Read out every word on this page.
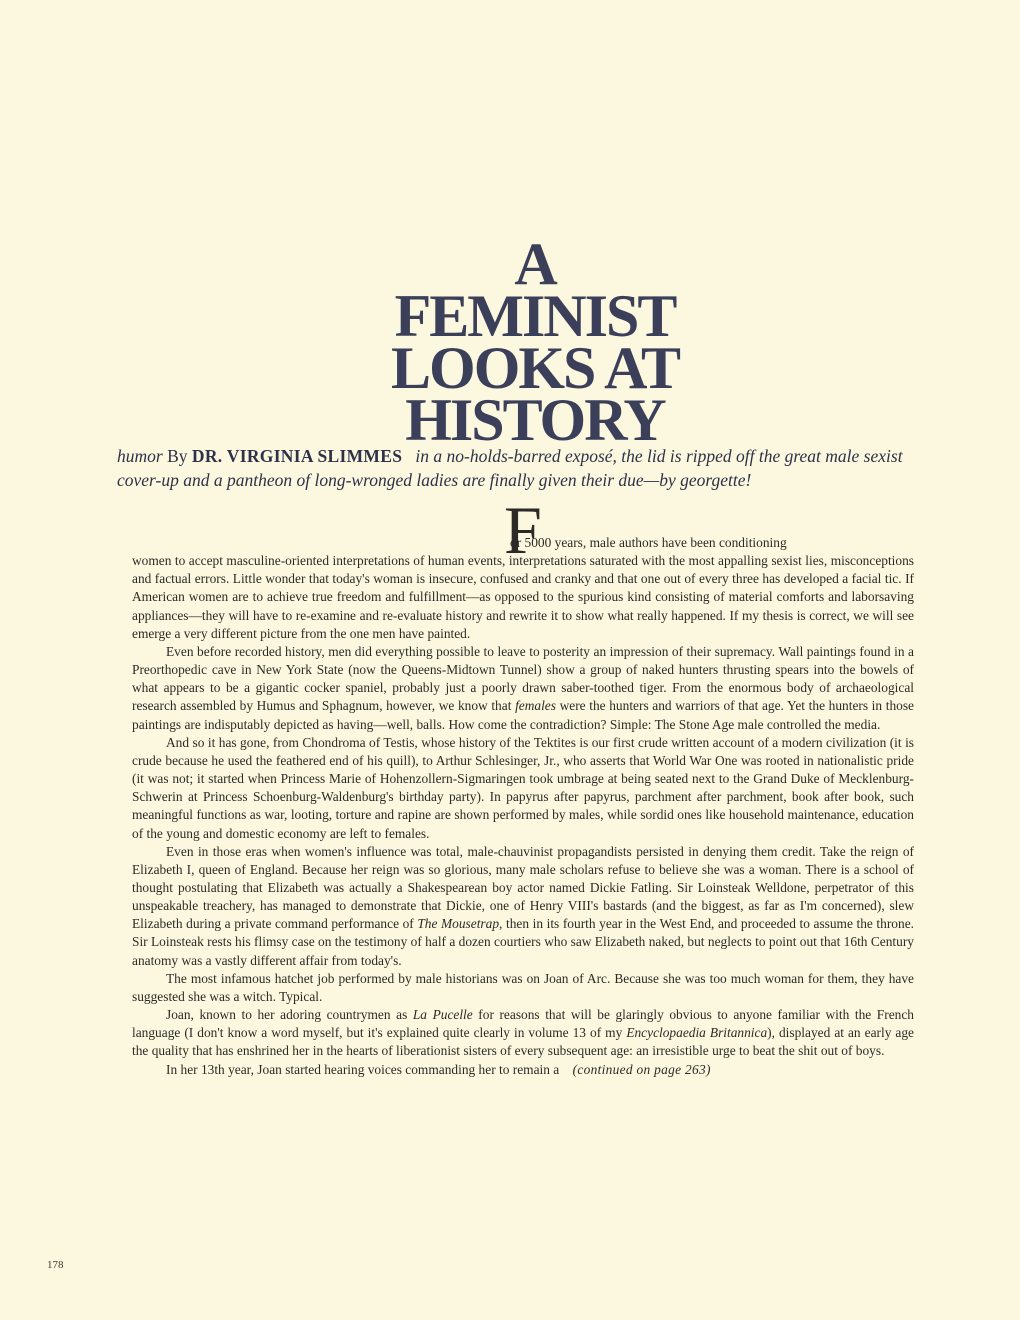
A
FEMINIST
LOOKS AT
HISTORY

humor By DR. VIRGINIA SLIMMES in a no-holds-barred exposé, the lid is ripped off the great male sexist cover-up and a pantheon of long-wronged ladies are finally given their due—by georgette!

F

or 5000 years, male authors have been conditioning
women to accept masculine-oriented interpretations of human events, interpretations saturated with the most appalling sexist lies, misconceptions and factual errors. Little wonder that today's woman is insecure, confused and cranky and that one out of every three has developed a facial tic. If American women are to achieve true freedom and fulfillment—as opposed to the spurious kind consisting of material comforts and laborsaving appliances—they will have to re-examine and re-evaluate history and rewrite it to show what really happened. If my thesis is correct, we will see emerge a very different picture from the one men have painted.

Even before recorded history, men did everything possible to leave to posterity an impression of their supremacy. Wall paintings found in a Preorthopedic cave in New York State (now the Queens-Midtown Tunnel) show a group of naked hunters thrusting spears into the bowels of what appears to be a gigantic cocker spaniel, probably just a poorly drawn saber-toothed tiger. From the enormous body of archaeological research assembled by Humus and Sphagnum, however, we know that females were the hunters and warriors of that age. Yet the hunters in those paintings are indisputably depicted as having—well, balls. How come the contradiction? Simple: The Stone Age male controlled the media.

And so it has gone, from Chondroma of Testis, whose history of the Tektites is our first crude written account of a modern civilization (it is crude because he used the feathered end of his quill), to Arthur Schlesinger, Jr., who asserts that World War One was rooted in nationalistic pride (it was not; it started when Princess Marie of Hohenzollern-Sigmaringen took umbrage at being seated next to the Grand Duke of Mecklenburg-Schwerin at Princess Schoenburg-Waldenburg's birthday party). In papyrus after papyrus, parchment after parchment, book after book, such meaningful functions as war, looting, torture and rapine are shown performed by males, while sordid ones like household maintenance, education of the young and domestic economy are left to females.

Even in those eras when women's influence was total, male-chauvinist propagandists persisted in denying them credit. Take the reign of Elizabeth I, queen of England. Because her reign was so glorious, many male scholars refuse to believe she was a woman. There is a school of thought postulating that Elizabeth was actually a Shakespearean boy actor named Dickie Fatling. Sir Loinsteak Welldone, perpetrator of this unspeakable treachery, has managed to demonstrate that Dickie, one of Henry VIII's bastards (and the biggest, as far as I'm concerned), slew Elizabeth during a private command performance of The Mousetrap, then in its fourth year in the West End, and proceeded to assume the throne. Sir Loinsteak rests his flimsy case on the testimony of half a dozen courtiers who saw Elizabeth naked, but neglects to point out that 16th Century anatomy was a vastly different affair from today's.

The most infamous hatchet job performed by male historians was on Joan of Arc. Because she was too much woman for them, they have suggested she was a witch. Typical.

Joan, known to her adoring countrymen as La Pucelle for reasons that will be glaringly obvious to anyone familiar with the French language (I don't know a word myself, but it's explained quite clearly in volume 13 of my Encyclopaedia Britannica), displayed at an early age the quality that has enshrined her in the hearts of liberationist sisters of every subsequent age: an irresistible urge to beat the shit out of boys.

In her 13th year, Joan started hearing voices commanding her to remain a (continued on page 263)

178
